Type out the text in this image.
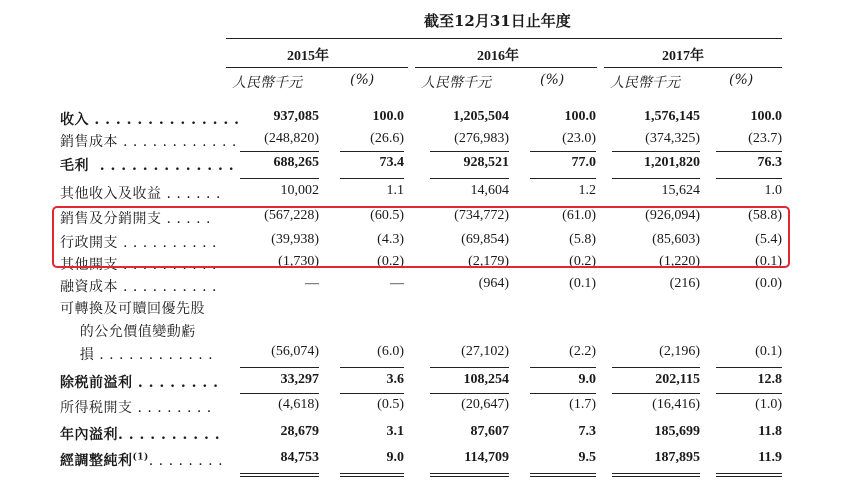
截至12月31日止年度
2015年	2016年	2017年
人民幣千元	(%)	人民幣千元	(%)	人民幣千元	(%)
收入 . . . . . . . . . . . . . . 937,085	100.0	1,205,504	100.0	1,576,145	100.0
銷售成本 . . . . . . . . . . . . (248,820)	(26.6)	(276,983)	(23.0)	(374,325)	(23.7)
毛利  . . . . . . . . . . . . .	688,265	73.4	928,521	77.0	1,201,820	76.3
其他收入及收益 . . . . . .	10,002	1.1	14,604	1.2	15,624	1.0
銷售及分銷開支 . . . . .	(567,228)	(60.5)	(734,772)	(61.0)	(926,094)	(58.8)
行政開支 . . . . . . . . . .	(39,938)	(4.3)	(69,854)	(5.8)	(85,603)	(5.4)
其他開支 . . . . . . . . . .	(1,730)	(0.2)	(2,179)	(0.2)	(1,220)	(0.1)
融資成本 . . . . . . . . . .	—	—	(964)	(0.1)	(216)	(0.0)
可轉換及可贖回優先股
的公允價值變動虧
損 . . . . . . . . . . . .	(56,074)	(6.0)	(27,102)	(2.2)	(2,196)	(0.1)
除税前溢利 . . . . . . . .	33,297	3.6	108,254	9.0	202,115	12.8
所得税開支 . . . . . . . .	(4,618)	(0.5)	(20,647)	(1.7)	(16,416)	(1.0)
年內溢利. . . . . . . . . .	28,679	3.1	87,607	7.3	185,699	11.8
經調整純利$^{(1)}$. . . . . . . .	84,753	9.0	114,709	9.5	187,895	11.9
